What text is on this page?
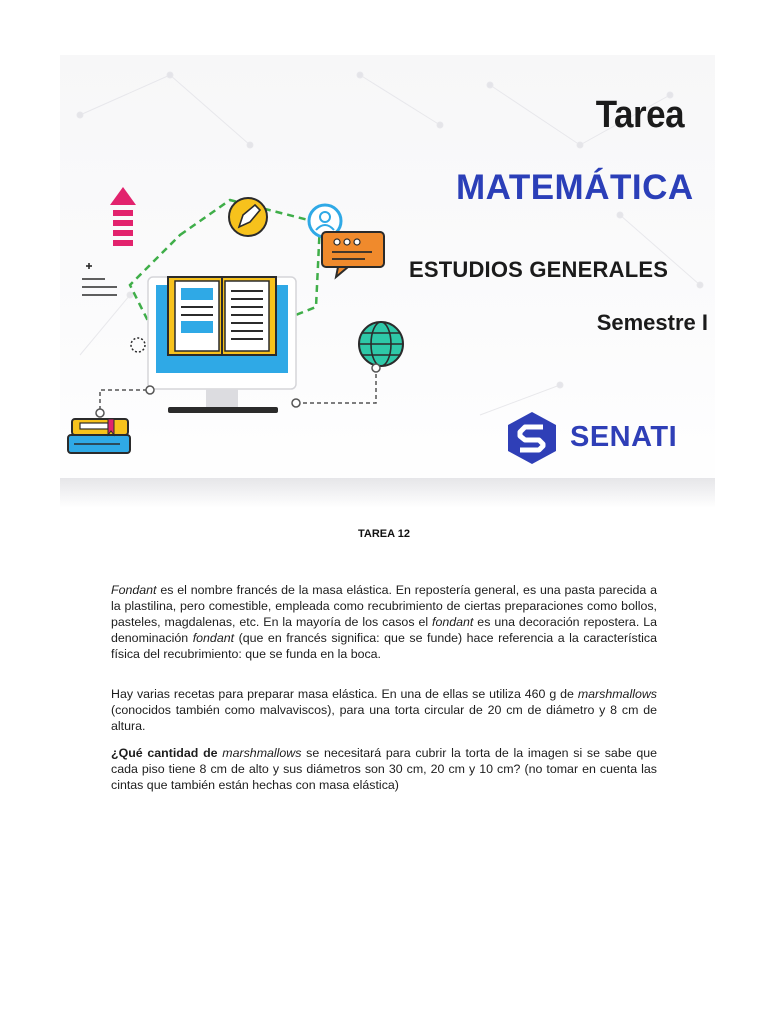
SENATI
Tarea
MATEMÁTICA
ESTUDIOS GENERALES
Semestre I
TAREA 12

Fondant es el nombre francés de la masa elástica. En repostería general, es una pasta parecida a la plastilina, pero comestible, empleada como recubrimiento de ciertas preparaciones como bollos, pasteles, magdalenas, etc. En la mayoría de los casos el fondant es una decoración repostera. La denominación fondant (que en francés significa: que se funde) hace referencia a la característica física del recubrimiento: que se funda en la boca.

Hay varias recetas para preparar masa elástica. En una de ellas se utiliza 460 g de marshmallows (conocidos también como malvaviscos), para una torta circular de 20 cm de diámetro y 8 cm de altura.

¿Qué cantidad de marshmallows se necesitará para cubrir la torta de la imagen si se sabe que cada piso tiene 8 cm de alto y sus diámetros son 30 cm, 20 cm y 10 cm? (no tomar en cuenta las cintas que también están hechas con masa elástica)
